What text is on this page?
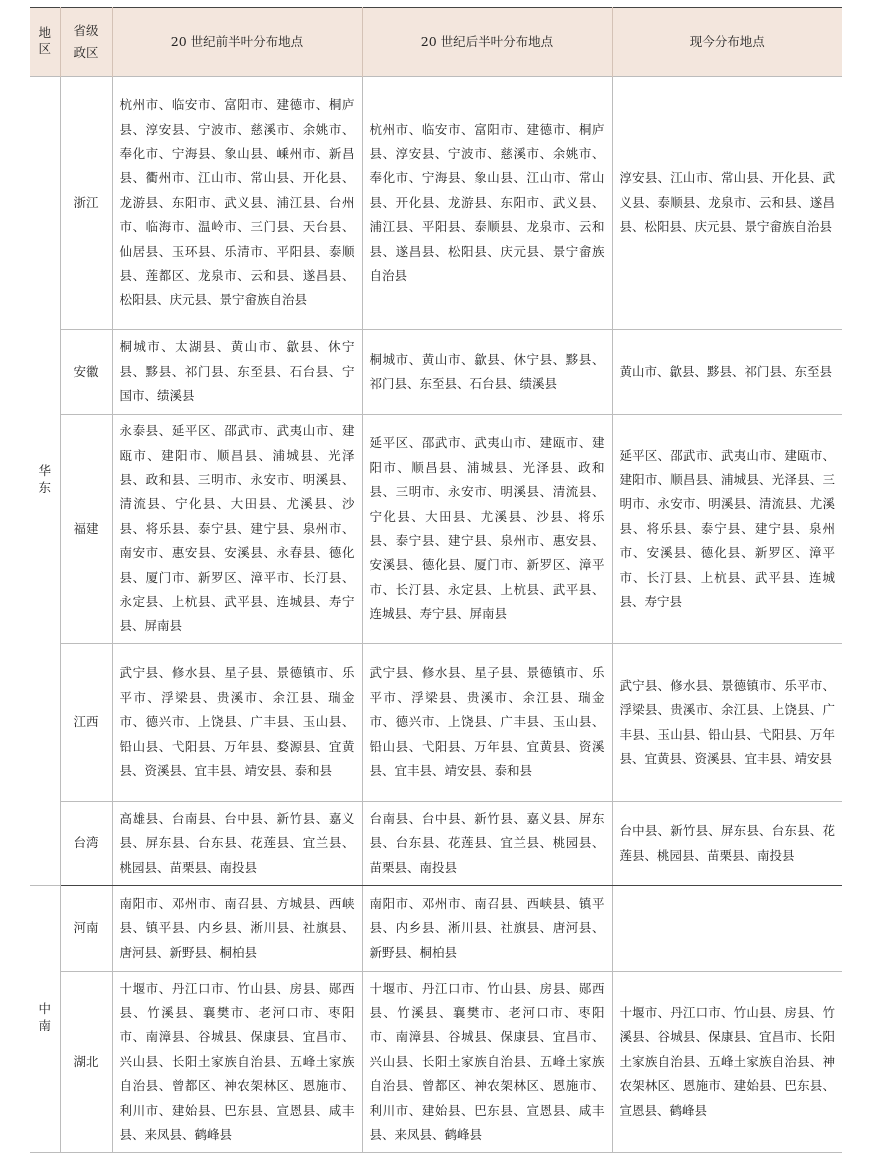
地区	省级政区	20 世纪前半叶分布地点	20 世纪后半叶分布地点	现今分布地点
华东	浙江	杭州市、临安市、富阳市、建德市、桐庐县、淳安县、宁波市、慈溪市、余姚市、奉化市、宁海县、象山县、嵊州市、新昌县、衢州市、江山市、常山县、开化县、龙游县、东阳市、武义县、浦江县、台州市、临海市、温岭市、三门县、天台县、仙居县、玉环县、乐清市、平阳县、泰顺县、莲都区、龙泉市、云和县、遂昌县、松阳县、庆元县、景宁畲族自治县	杭州市、临安市、富阳市、建德市、桐庐县、淳安县、宁波市、慈溪市、余姚市、奉化市、宁海县、象山县、江山市、常山县、开化县、龙游县、东阳市、武义县、浦江县、平阳县、泰顺县、龙泉市、云和县、遂昌县、松阳县、庆元县、景宁畲族自治县	淳安县、江山市、常山县、开化县、武义县、泰顺县、龙泉市、云和县、遂昌县、松阳县、庆元县、景宁畲族自治县
	安徽	桐城市、太湖县、黄山市、歙县、休宁县、黟县、祁门县、东至县、石台县、宁国市、绩溪县	桐城市、黄山市、歙县、休宁县、黟县、祁门县、东至县、石台县、绩溪县	黄山市、歙县、黟县、祁门县、东至县
	福建	永泰县、延平区、邵武市、武夷山市、建瓯市、建阳市、顺昌县、浦城县、光泽县、政和县、三明市、永安市、明溪县、清流县、宁化县、大田县、尤溪县、沙县、将乐县、泰宁县、建宁县、泉州市、南安市、惠安县、安溪县、永春县、德化县、厦门市、新罗区、漳平市、长汀县、永定县、上杭县、武平县、连城县、寿宁县、屏南县	延平区、邵武市、武夷山市、建瓯市、建阳市、顺昌县、浦城县、光泽县、政和县、三明市、永安市、明溪县、清流县、宁化县、大田县、尤溪县、沙县、将乐县、泰宁县、建宁县、泉州市、惠安县、安溪县、德化县、厦门市、新罗区、漳平市、长汀县、永定县、上杭县、武平县、连城县、寿宁县、屏南县	延平区、邵武市、武夷山市、建瓯市、建阳市、顺昌县、浦城县、光泽县、三明市、永安市、明溪县、清流县、尤溪县、将乐县、泰宁县、建宁县、泉州市、安溪县、德化县、新罗区、漳平市、长汀县、上杭县、武平县、连城县、寿宁县
	江西	武宁县、修水县、星子县、景德镇市、乐平市、浮梁县、贵溪市、余江县、瑞金市、德兴市、上饶县、广丰县、玉山县、铅山县、弋阳县、万年县、婺源县、宜黄县、资溪县、宜丰县、靖安县、泰和县	武宁县、修水县、星子县、景德镇市、乐平市、浮梁县、贵溪市、余江县、瑞金市、德兴市、上饶县、广丰县、玉山县、铅山县、弋阳县、万年县、宜黄县、资溪县、宜丰县、靖安县、泰和县	武宁县、修水县、景德镇市、乐平市、浮梁县、贵溪市、余江县、上饶县、广丰县、玉山县、铅山县、弋阳县、万年县、宜黄县、资溪县、宜丰县、靖安县
	台湾	高雄县、台南县、台中县、新竹县、嘉义县、屏东县、台东县、花莲县、宜兰县、桃园县、苗栗县、南投县	台南县、台中县、新竹县、嘉义县、屏东县、台东县、花莲县、宜兰县、桃园县、苗栗县、南投县	台中县、新竹县、屏东县、台东县、花莲县、桃园县、苗栗县、南投县
中南	河南	南阳市、邓州市、南召县、方城县、西峡县、镇平县、内乡县、淅川县、社旗县、唐河县、新野县、桐柏县	南阳市、邓州市、南召县、西峡县、镇平县、内乡县、淅川县、社旗县、唐河县、新野县、桐柏县	
	湖北	十堰市、丹江口市、竹山县、房县、郧西县、竹溪县、襄樊市、老河口市、枣阳市、南漳县、谷城县、保康县、宜昌市、兴山县、长阳土家族自治县、五峰土家族自治县、曾都区、神农架林区、恩施市、利川市、建始县、巴东县、宣恩县、咸丰县、来凤县、鹤峰县	十堰市、丹江口市、竹山县、房县、郧西县、竹溪县、襄樊市、老河口市、枣阳市、南漳县、谷城县、保康县、宜昌市、兴山县、长阳土家族自治县、五峰土家族自治县、曾都区、神农架林区、恩施市、利川市、建始县、巴东县、宣恩县、咸丰县、来凤县、鹤峰县	十堰市、丹江口市、竹山县、房县、竹溪县、谷城县、保康县、宜昌市、长阳土家族自治县、五峰土家族自治县、神农架林区、恩施市、建始县、巴东县、宣恩县、鹤峰县
